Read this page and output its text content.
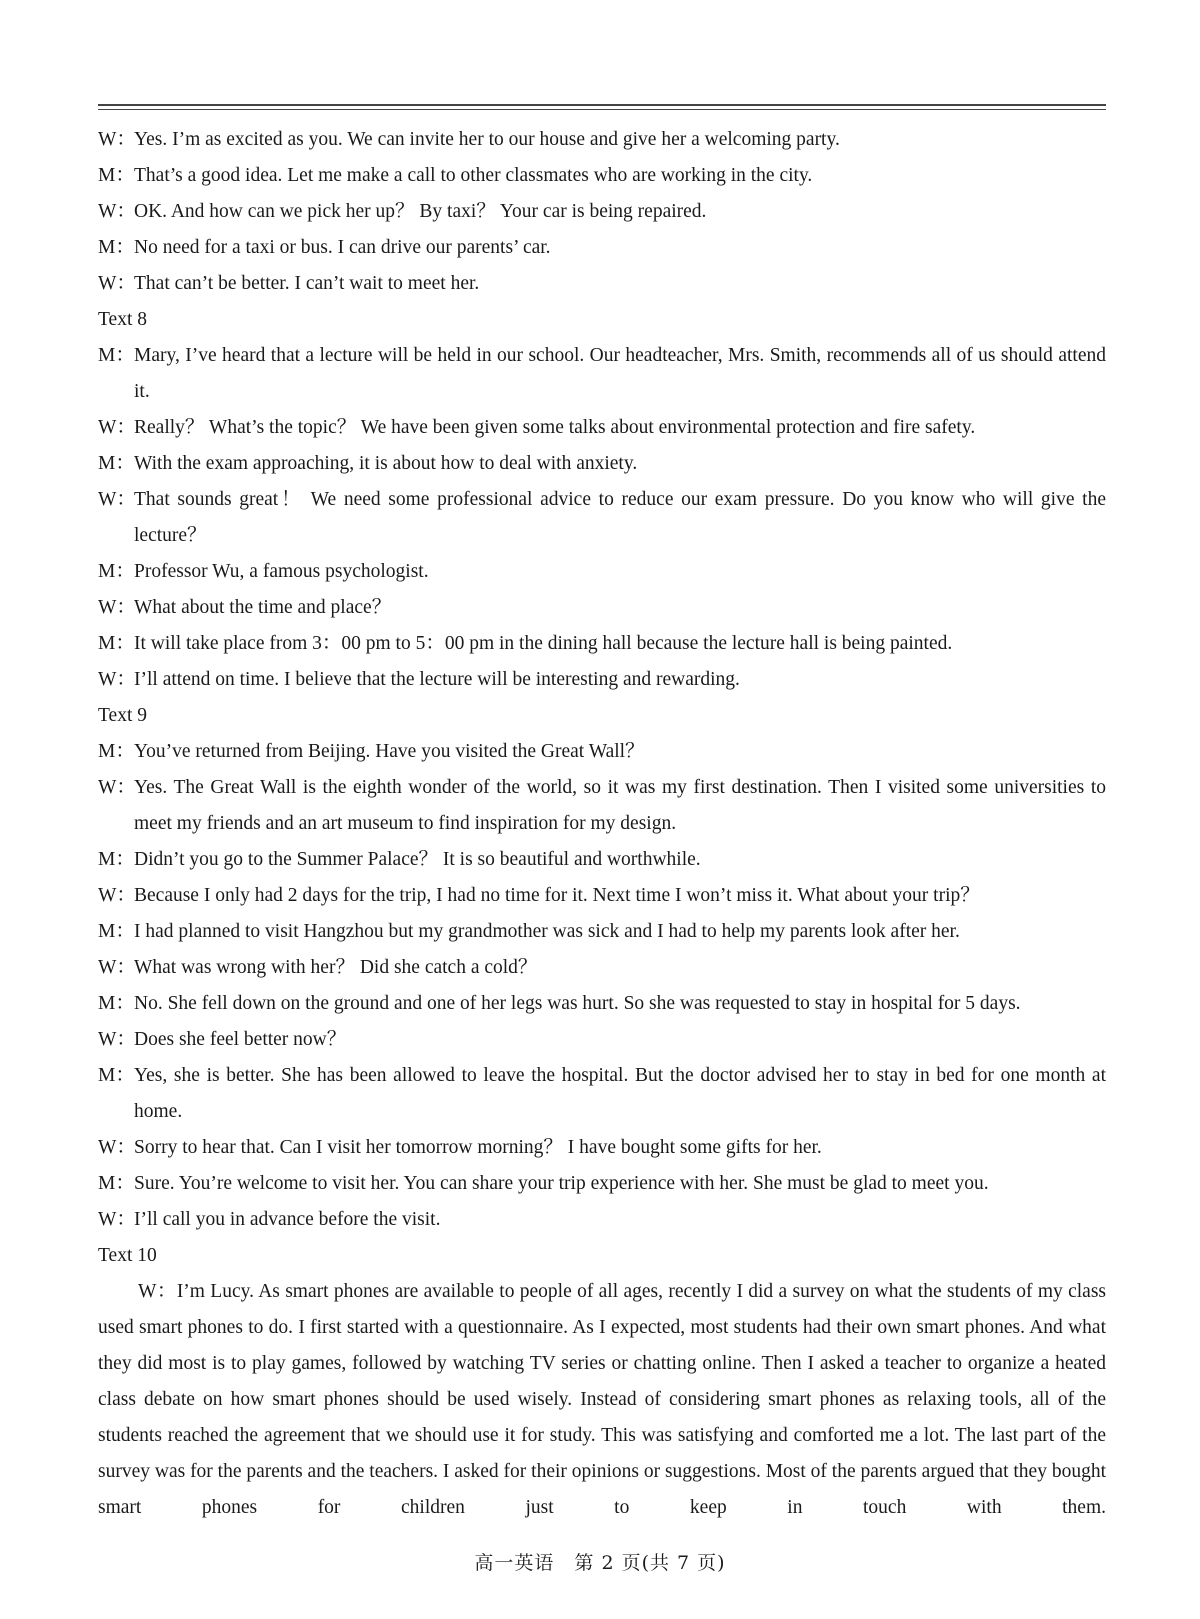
W：Yes. I’m as excited as you. We can invite her to our house and give her a welcoming party.

M：That’s a good idea. Let me make a call to other classmates who are working in the city.

W：OK. And how can we pick her up？ By taxi？ Your car is being repaired.

M：No need for a taxi or bus. I can drive our parents’ car.

W：That can’t be better. I can’t wait to meet her.

Text 8

M：Mary, I’ve heard that a lecture will be held in our school. Our headteacher, Mrs. Smith, recommends all of us should attend it.

W：Really？ What’s the topic？ We have been given some talks about environmental protection and fire safety.

M：With the exam approaching, it is about how to deal with anxiety.

W：That sounds great！ We need some professional advice to reduce our exam pressure. Do you know who will give the lecture？

M：Professor Wu, a famous psychologist.

W：What about the time and place？

M：It will take place from 3：00 pm to 5：00 pm in the dining hall because the lecture hall is being painted.

W：I’ll attend on time. I believe that the lecture will be interesting and rewarding.

Text 9

M：You’ve returned from Beijing. Have you visited the Great Wall？

W：Yes. The Great Wall is the eighth wonder of the world, so it was my first destination. Then I visited some universities to meet my friends and an art museum to find inspiration for my design.

M：Didn’t you go to the Summer Palace？ It is so beautiful and worthwhile.

W：Because I only had 2 days for the trip, I had no time for it. Next time I won’t miss it. What about your trip？

M：I had planned to visit Hangzhou but my grandmother was sick and I had to help my parents look after her.

W：What was wrong with her？ Did she catch a cold？

M：No. She fell down on the ground and one of her legs was hurt. So she was requested to stay in hospital for 5 days.

W：Does she feel better now？

M：Yes, she is better. She has been allowed to leave the hospital. But the doctor advised her to stay in bed for one month at home.

W：Sorry to hear that. Can I visit her tomorrow morning？ I have bought some gifts for her.

M：Sure. You’re welcome to visit her. You can share your trip experience with her. She must be glad to meet you.

W：I’ll call you in advance before the visit.

Text 10

W：I’m Lucy. As smart phones are available to people of all ages, recently I did a survey on what the students of my class used smart phones to do. I first started with a questionnaire. As I expected, most students had their own smart phones. And what they did most is to play games, followed by watching TV series or chatting online. Then I asked a teacher to organize a heated class debate on how smart phones should be used wisely. Instead of considering smart phones as relaxing tools, all of the students reached the agreement that we should use it for study. This was satisfying and comforted me a lot. The last part of the survey was for the parents and the teachers. I asked for their opinions or suggestions. Most of the parents argued that they bought smart phones for children just to keep in touch with them.

高一英语　第 2 页(共 7 页)
